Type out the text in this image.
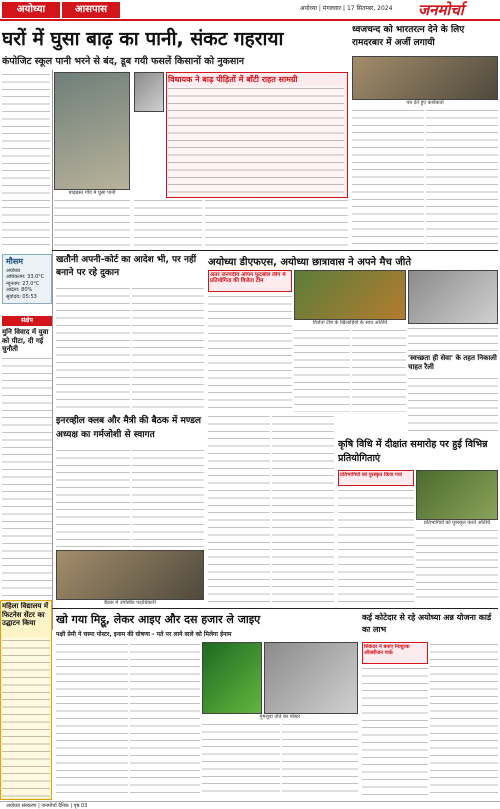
अयोध्या	आसपास	अयोध्या | मंगलवार | 17 सितम्बर, 2024	जनमोर्चा
घरों में घुसा बाढ़ का पानी, संकट गहराया
कंपोजिट स्कूल पानी भरने से बंद, डूब गयी फसलें किसानों को नुकसान
बाढ़ग्रस्त गाँव में घुसा पानी
विधायक ने बाढ़ पीड़ितों में बाँटी राहत सामग्री
ध्वजचन्द को भारतरत्न देने के लिए रामदरबार में अर्जी लगायी
पत्र देते हुए कार्यकर्ता
मौसम
अयोध्या
अधिकतम: 33.0°C
न्यूनतम: 27.0°C
आर्द्रता: 80%
सूर्योदय: 05:53
संक्षेप
मुनि विवाद में युवा को पीटा, दी गई चुनौती
महिला विद्यालय में फिटनेस सेंटर का उद्घाटन किया
खतौनी अपनी-कोर्ट का आदेश भी, पर नहीं बनाने पर रहे दुकान
अयोध्या डीएफएस, अयोध्या छात्रावास ने अपने मैच जीते
अंतर जनपदीय ओपन फुटबॉल लीग में प्रतियोगिता की विजेता टीम
विजेता टीम के खिलाड़ियों के साथ अतिथि
'स्वच्छता ही सेवा' के तहत निकाली चाहत रैली
इनरव्हील क्लब और मैत्री की बैठक में मण्डल अध्यक्ष का गर्मजोशी से स्वागत
बैठक में उपस्थित पदाधिकारी
कृषि विधि में दीक्षांत समारोह पर हुई विभिन्न प्रतियोगिताएं
प्रतिभागियों को पुरस्कृत किया गया
प्रतिभागियों को पुरस्कृत करते अतिथि
खो गया मिट्ठू, लेकर आइए और दस हजार ले जाइए
पक्षी प्रेमी ने चस्पा पोस्टर, इनाम की घोषणा - पते पर लाने वाले को मिलेगा ईनाम
गुमशुदा तोते का पोस्टर
कई कोटेदार से रहे अयोध्या अन्न योजना कार्ड का लाभ
सिकंदर ने बनाए निःशुल्क ऑक्सीजन पार्क
अयोध्या संस्करण | जनमोर्चा दैनिक | पृष्ठ 03
